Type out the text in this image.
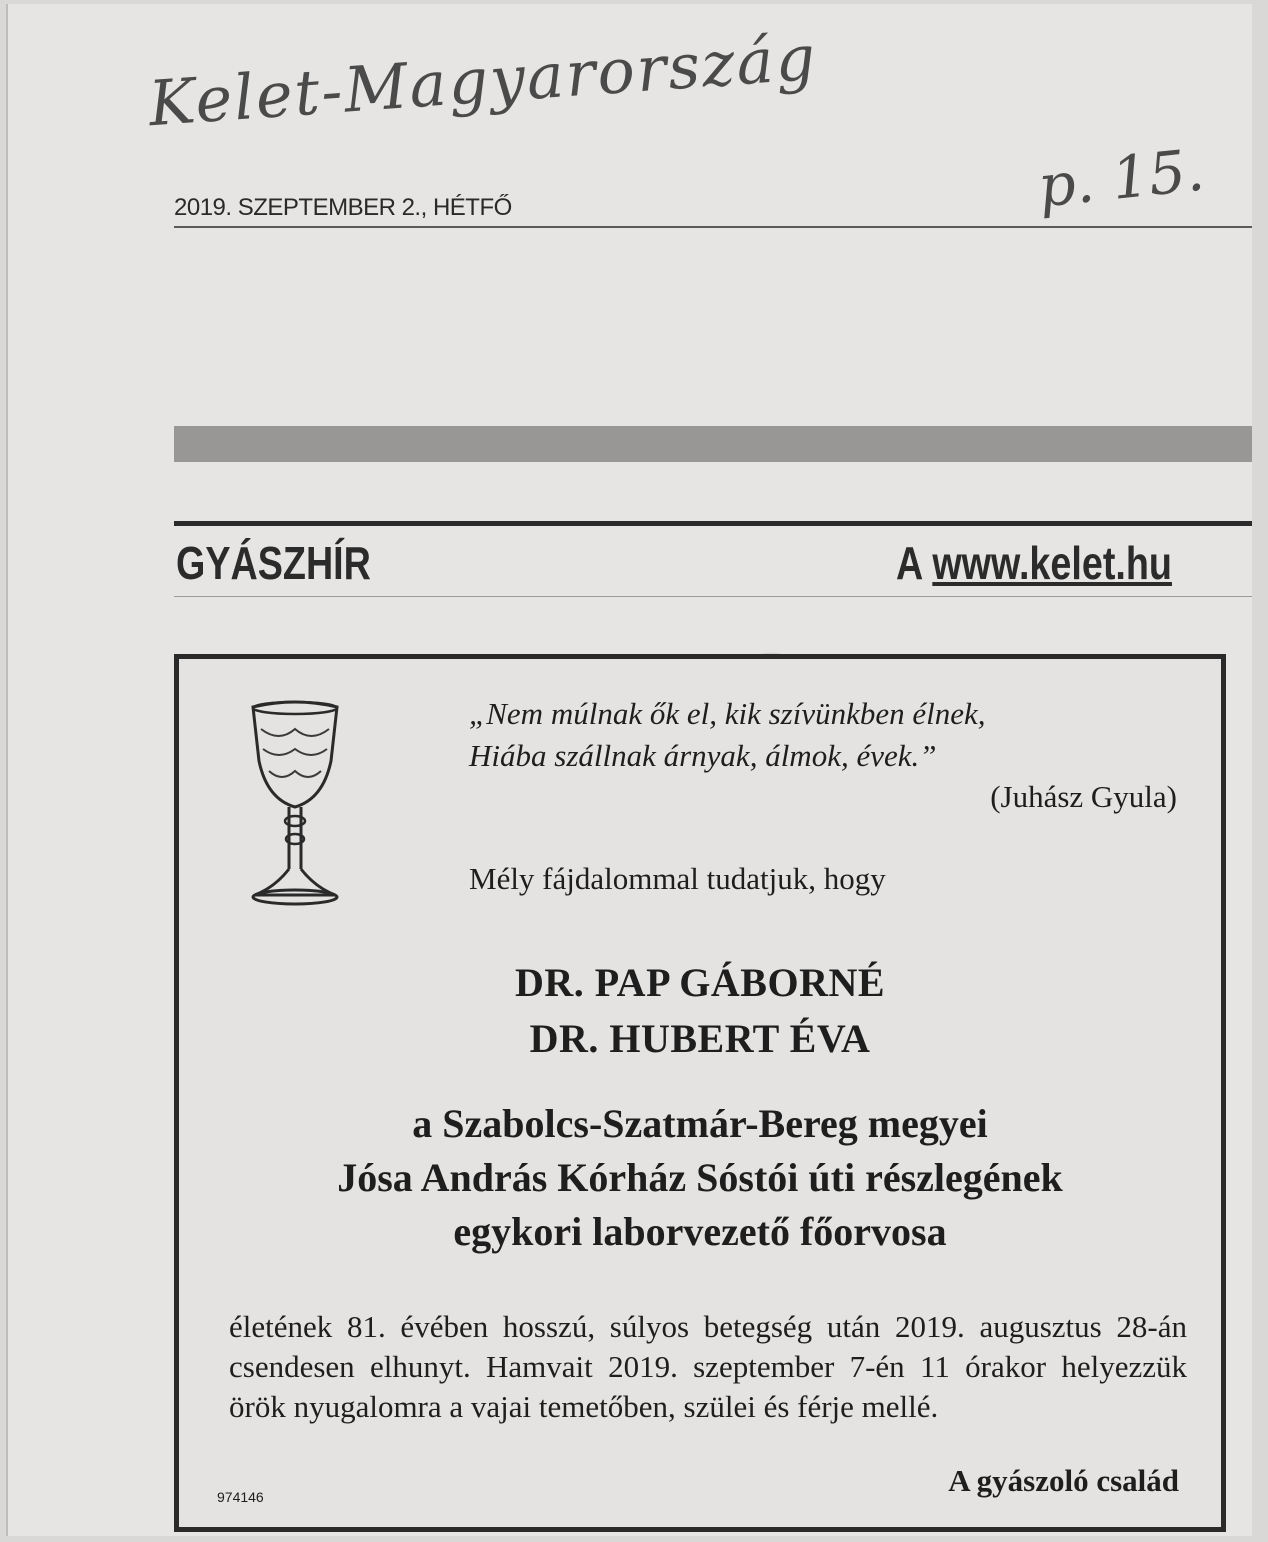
Kelet-Magyarország
p. 15.
2019. SZEPTEMBER 2., HÉTFŐ
GYÁSZHÍR	A www.kelet.hu
„Nem múlnak ők el, kik szívünkben élnek,
Hiába szállnak árnyak, álmok, évek.”
(Juhász Gyula)
Mély fájdalommal tudatjuk, hogy
DR. PAP GÁBORNÉ
DR. HUBERT ÉVA
a Szabolcs-Szatmár-Bereg megyei
Jósa András Kórház Sóstói úti részlegének
egykori laborvezető főorvosa
életének 81. évében hosszú, súlyos betegség után 2019. augusztus 28-án csendesen elhunyt. Hamvait 2019. szeptember 7-én 11 órakor helyezzük örök nyugalomra a vajai temetőben, szülei és férje mellé.
974146	A gyászoló család
